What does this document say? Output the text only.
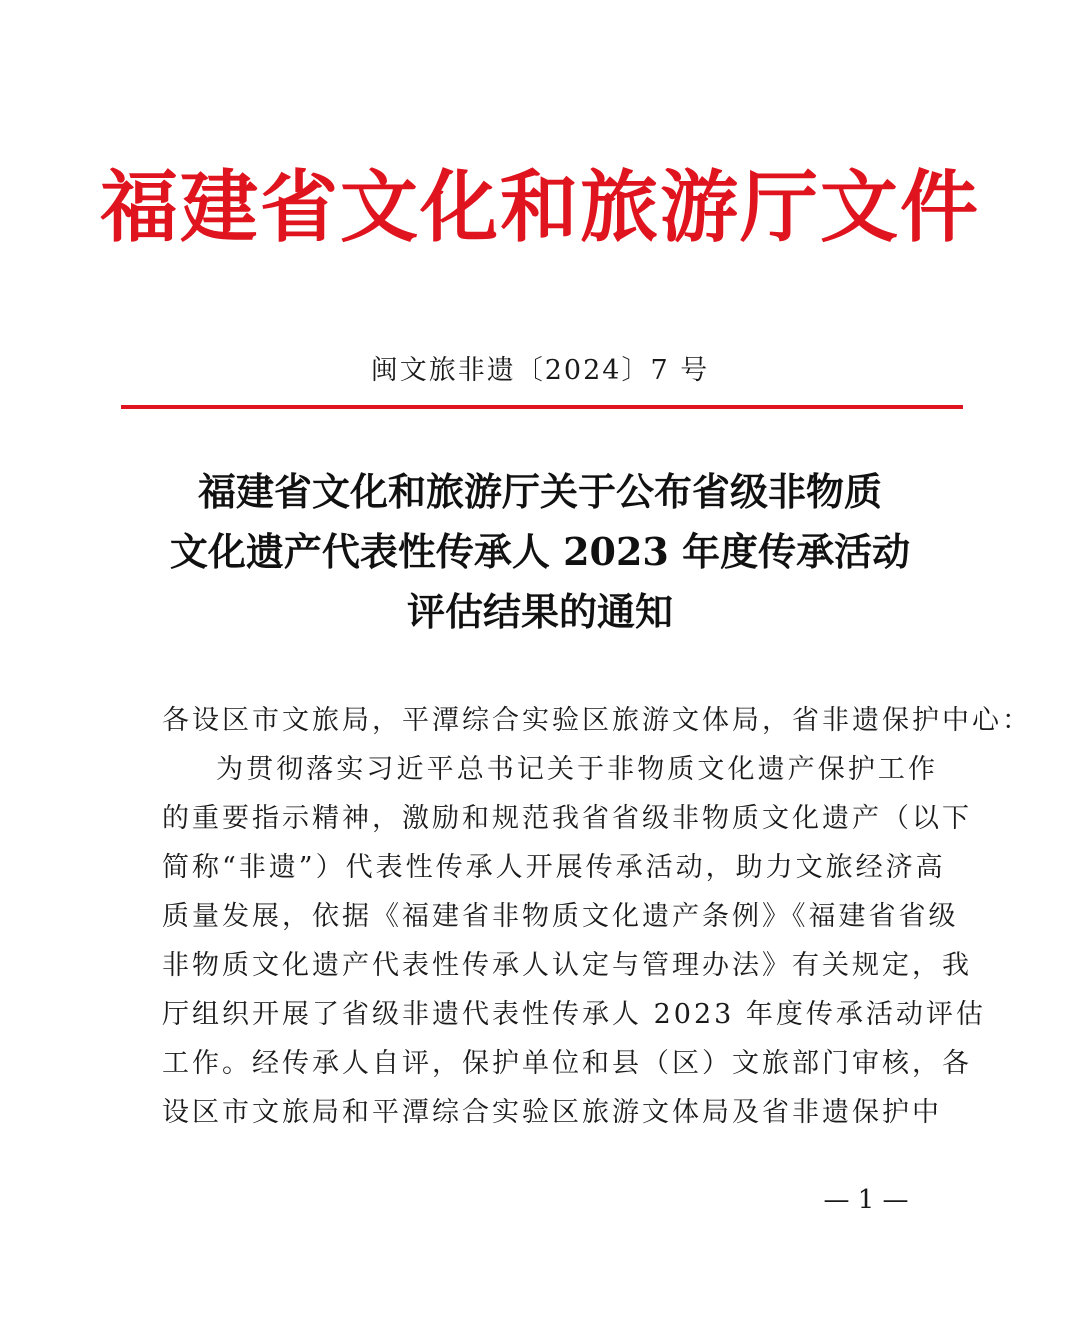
福建省文化和旅游厅文件
闽文旅非遗〔2024〕7 号
福建省文化和旅游厅关于公布省级非物质
文化遗产代表性传承人 2023 年度传承活动
评估结果的通知
各设区市文旅局，平潭综合实验区旅游文体局，省非遗保护中心：
为贯彻落实习近平总书记关于非物质文化遗产保护工作
的重要指示精神，激励和规范我省省级非物质文化遗产（以下
简称“非遗”）代表性传承人开展传承活动，助力文旅经济高
质量发展，依据《福建省非物质文化遗产条例》《福建省省级
非物质文化遗产代表性传承人认定与管理办法》有关规定，我
厅组织开展了省级非遗代表性传承人 2023 年度传承活动评估
工作。经传承人自评，保护单位和县（区）文旅部门审核，各
设区市文旅局和平潭综合实验区旅游文体局及省非遗保护中
— 1 —
